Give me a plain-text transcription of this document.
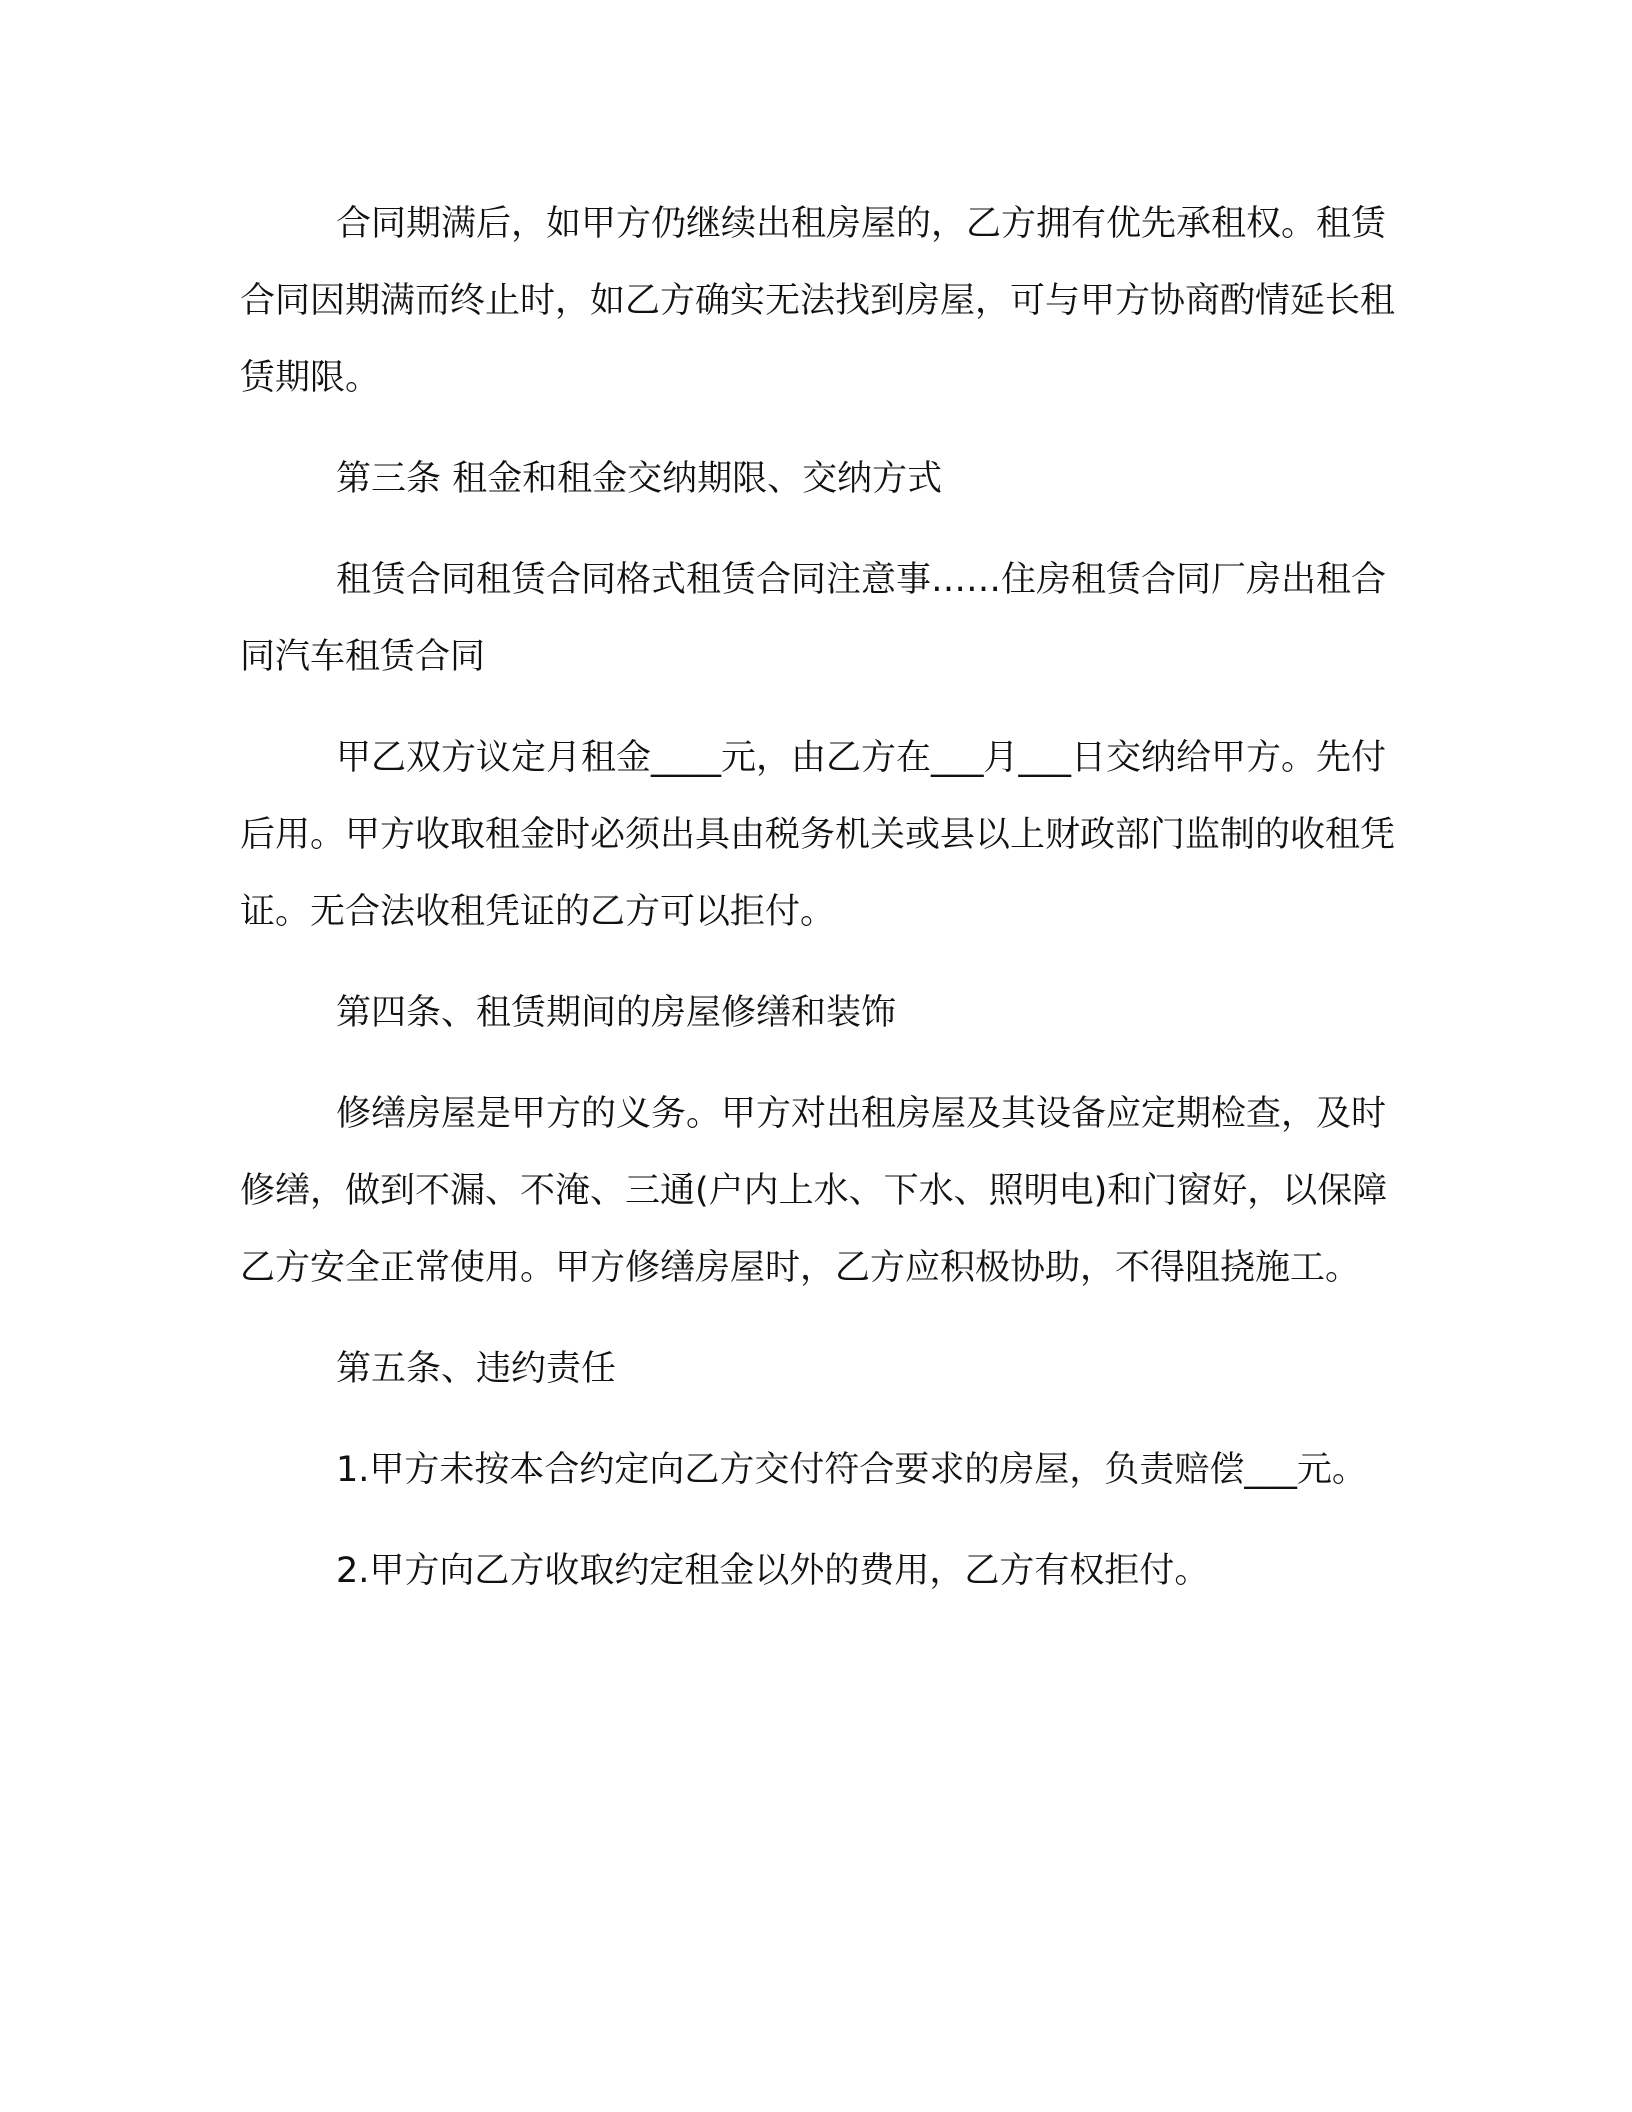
合同期满后，如甲方仍继续出租房屋的，乙方拥有优先承租权。租赁合同因期满而终止时，如乙方确实无法找到房屋，可与甲方协商酌情延长租赁期限。

第三条 租金和租金交纳期限、交纳方式

租赁合同租赁合同格式租赁合同注意事……住房租赁合同厂房出租合同汽车租赁合同

甲乙双方议定月租金____元，由乙方在___月___日交纳给甲方。先付后用。甲方收取租金时必须出具由税务机关或县以上财政部门监制的收租凭证。无合法收租凭证的乙方可以拒付。

第四条、租赁期间的房屋修缮和装饰

修缮房屋是甲方的义务。甲方对出租房屋及其设备应定期检查，及时修缮，做到不漏、不淹、三通(户内上水、下水、照明电)和门窗好，以保障乙方安全正常使用。甲方修缮房屋时，乙方应积极协助，不得阻挠施工。

第五条、违约责任

1.甲方未按本合约定向乙方交付符合要求的房屋，负责赔偿___元。

2.甲方向乙方收取约定租金以外的费用，乙方有权拒付。
